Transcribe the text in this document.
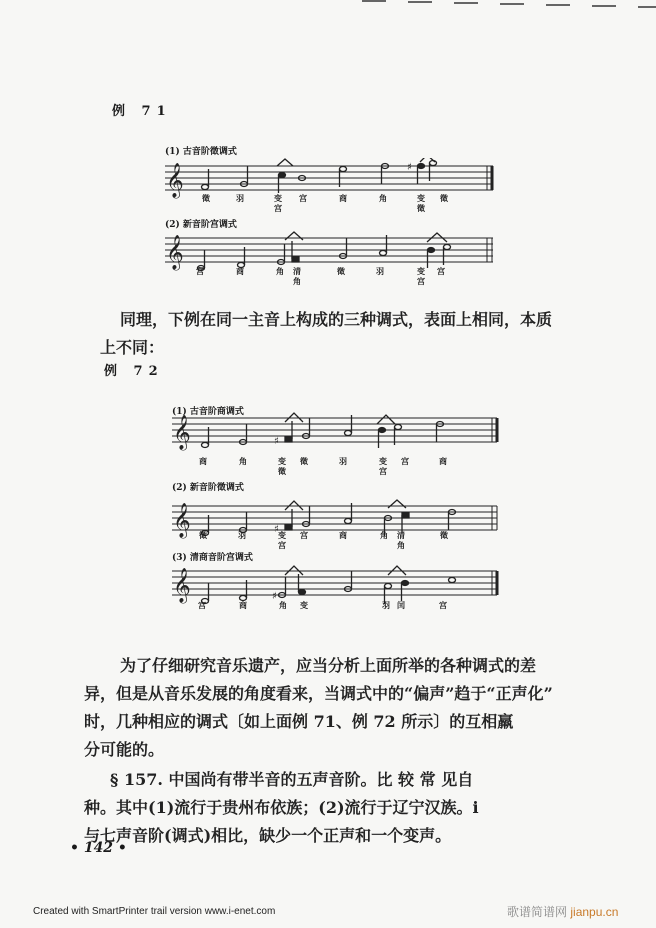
例 71
(1) 古音阶徵调式
𝄞	♯
徵	羽	变
宫
宫	商	角	变
徵
徵
(2) 新音阶宫调式
𝄞
宫	商	角	清
角
徵	羽	变
宫
宫
同理，下例在同一主音上构成的三种调式，表面上相同，本质
上不同：
例 72
(1) 古音阶商调式
𝄞	♯
商	角	变
徵
徵	羽	变
宫
宫	商
(2) 新音阶徵调式
𝄞	♯
徵	羽	变
宫
宫	商	角	清
角
徵
(3) 清商音阶宫调式
𝄞	♯
宫	商	角	变	羽 闰	宫
为了仔细研究音乐遗产，应当分析上面所举的各种调式的差
异，但是从音乐发展的角度看来，当调式中的“偏声”趋于“正声化”
时，几种相应的调式〔如上面例 71、例 72 所示〕的互相羸
分可能的。
§ 157. 中国尚有带半音的五声音阶。比 较 常 见自
种。其中(1)流行于贵州布依族；(2)流行于辽宁汉族。i
与七声音阶(调式)相比，缺少一个正声和一个变声。
• 142 •
Created with SmartPrinter trail version www.i-enet.com	歌谱简谱网 jianpu.cn
